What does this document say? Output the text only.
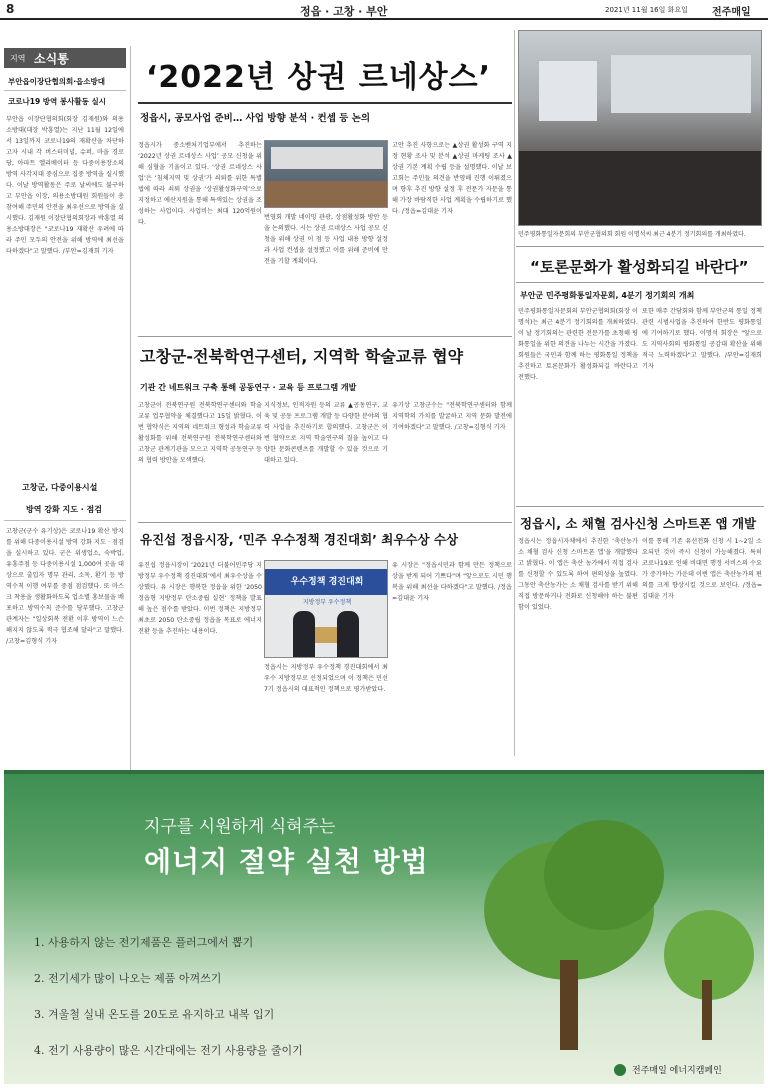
8	정읍 · 고창 · 부안	2021년 11월 16일 화요일 전주매일
지역 소식통
부안읍이장단협의회·읍소방대
코로나19 방역 봉사활동 실시
부안읍 이장단협의회(회장 김재원)와 의용소방대(대장 박흥열)는 지난 11월 12일에서 13일까지 코로나19의 재확산을 차단하고자 시내 각 버스터미널, 슈퍼, 마을 경로당, 아파트 엘리베이터 등 다중이용장소의 방역 사각지대 중심으로 집중 방역을 실시했다. 이날 방역활동은 주로 날씨에도 불구하고 부안읍 이장, 의용소방대원 회원들이 총 참여해 주민의 안전을 최우선으로 방역을 실시했다. 김재원 이장단협의회장과 박흥열 의용소방대장은 "코로나19 재확산 우려에 따라 주민 모두의 안전을 위해 방역에 최선을 다하겠다"고 말했다. /부안=김재희 기자
고창군, 다중이용시설
방역 강화 지도 · 점검
고창군(군수 유기상)은 코로나19 확산 방지를 위해 다중이용시설 방역 강화 지도 · 점검을 실시하고 있다. 군은 위생업소, 숙박업, 유흥주점 등 다중이용시설 1,000여 곳을 대상으로 출입자 명부 관리, 소독, 환기 등 방역수칙 이행 여부를 중점 점검했다. 또 마스크 착용을 생활화하도록 업소별 홍보물을 배포하고 방역수칙 준수를 당부했다. 고창군 관계자는 "일상회복 전환 이후 방역이 느슨해지지 않도록 적극 협조해 달라"고 말했다. /고창=김형식 기자
‘2022년 상권 르네상스’
정읍시, 공모사업 준비… 사업 방향 분석 · 컨셉 등 논의
정읍시가 중소벤처기업부에서 추진하는 ‘2022년 상권 르네상스 사업’ 공모 신청을 위해 심혈을 기울이고 있다. ‘상권 르네상스 사업’은 ‘침체지역 및 상권’가 쇠퇴를 위한 특별법에 따라 쇠퇴 상권을 ‘상권활성화구역’으로 지정하고 예산지원을 통해 특색있는 상권을 조성하는 사업이다. 사업비는 최대 120억원이다.
번영회 개발 네이밍 관광, 상점활성화 방안 등을 논의했다. 시는 상권 르네상스 사업 공모 신청을 위해 상권 이 점 등 사업 내용 방향 설정과 사업 컨셉을 설정했고 이를 위해 준비에 만전을 기할 계획이다.
고안 추진 사항으로는 ▲상권 활성화 구역 지정 현황 조사 및 분석 ▲상권 마케팅 조사 ▲상권 기본 계획 수립 등을 설명했다. 이날 보고회는 주민들 의견을 반영해 진행 이뤄졌으며 향후 추진 방향 설정 후 전문가 자문을 통해 가장 바람직한 사업 계획을 수립하기로 했다. /정읍=김대윤 기자
민주평화통일자문회의 부안군협의회 회원 이명석씨 최근 4분기 정기회의를 개최하였다.
“토론문화가 활성화되길 바란다”
부안군 민주평화통일자문회, 4분기 정기회의 개최
민주평화통일자문회의 부안군협의회(회장 이명석)는 최근 4분기 정기회의를 개최하였다. 이 날 정기회의는 관련한 전문가를 초청해 평화통일을 위한 의견을 나누는 시간을 가졌다. 회원들은 국민과 함께 하는 평화통일 정책을 추진하고 토론문화가 활성화되길 바란다고 전했다.
또한 매주 간담회와 함께 부안군의 통일 정책 관련 시범사업을 추진하여 한반도 평화통일에 기여하기로 했다. 이명석 회장은 "앞으로도 지역사회의 평화통일 공감대 확산을 위해 적극 노력하겠다"고 말했다. /부안=김재희 기자
고창군-전북학연구센터, 지역학 학술교류 협약
기관 간 네트워크 구축 통해 공동연구 · 교육 등 프로그램 개발
고창군이 전북연구원 전북학연구센터와 학술교류 업무협약을 체결했다고 15일 밝혔다. 이번 협약식은 지역의 네트워크 형성과 학술교류 활성화를 위해 전북연구원 전북학연구센터와 고창군 관계기관을 모으고 지역학 공동연구 등의 협력 방안을 모색했다.
지식정보, 인적자원 등의 교류 ▲공동연구, 교육 및 공동 프로그램 개발 등 다양한 분야의 협력 사업을 추진하기로 합의했다. 고창군은 이번 협약으로 지역 학술연구의 질을 높이고 다양한 문화콘텐츠를 개발할 수 있을 것으로 기대하고 있다.
유기상 고창군수는 "전북학연구센터와 함께 지역학의 가치를 발굴하고 지역 문화 발전에 기여하겠다"고 말했다. /고창=김형식 기자
정읍시, 소 채혈 검사신청 스마트폰 앱 개발
정읍시는 정읍시자체에서 추진한 ‘축산농가 소 채혈 검사 신청 스마트폰 앱’을 개발했다고 밝혔다. 이 앱은 축산 농가에서 직접 검사를 신청할 수 있도록 하여 편의성을 높였다. 그동안 축산농가는 소 채혈 검사를 받기 위해 직접 방문하거나 전화로 신청해야 하는 불편함이 있었다.
이를 통해 기존 유선전화 신청 시 1~2일 소요되던 것이 즉시 신청이 가능해졌다. 특히 코로나19로 인해 비대면 행정 서비스의 수요가 증가하는 가운데 이번 앱은 축산농가의 편의를 크게 향상시킬 것으로 보인다. /정읍=김대윤 기자
유진섭 정읍시장, ‘민주 우수정책 경진대회’ 최우수상 수상
유진섭 정읍시장이 ‘2021년 더불어민주당 지방정부 우수정책 경진대회’에서 최우수상을 수상했다. 유 시장은 행복한 정읍을 위한 ‘2050 정읍형 지방정부 탄소중립 실현’ 정책을 발표해 높은 점수를 받았다. 이번 정책은 지방정부 최초로 2050 탄소중립 정읍을 목표로 에너지 전환 등을 추진하는 내용이다.
우수정책 경진대회
지방정부 우수정책
정읍시는 지방정부 우수정책 경진대회에서 최우수 지방정부로 선정되었으며 이 정책은 민선7기 정읍시의 대표적인 정책으로 평가받았다.
유 시장은 "정읍시민과 함께 만든 정책으로 상을 받게 되어 기쁘다"며 "앞으로도 시민 행복을 위해 최선을 다하겠다"고 말했다. /정읍=김대윤 기자
지구를 시원하게 식혀주는
에너지 절약 실천 방법
1. 사용하지 않는 전기제품은 플러그에서 뽑기
2. 전기세가 많이 나오는 제품 아껴쓰기
3. 겨울철 실내 온도를 20도로 유지하고 내복 입기
4. 전기 사용량이 많은 시간대에는 전기 사용량을 줄이기
전주매일 에너지캠페인
